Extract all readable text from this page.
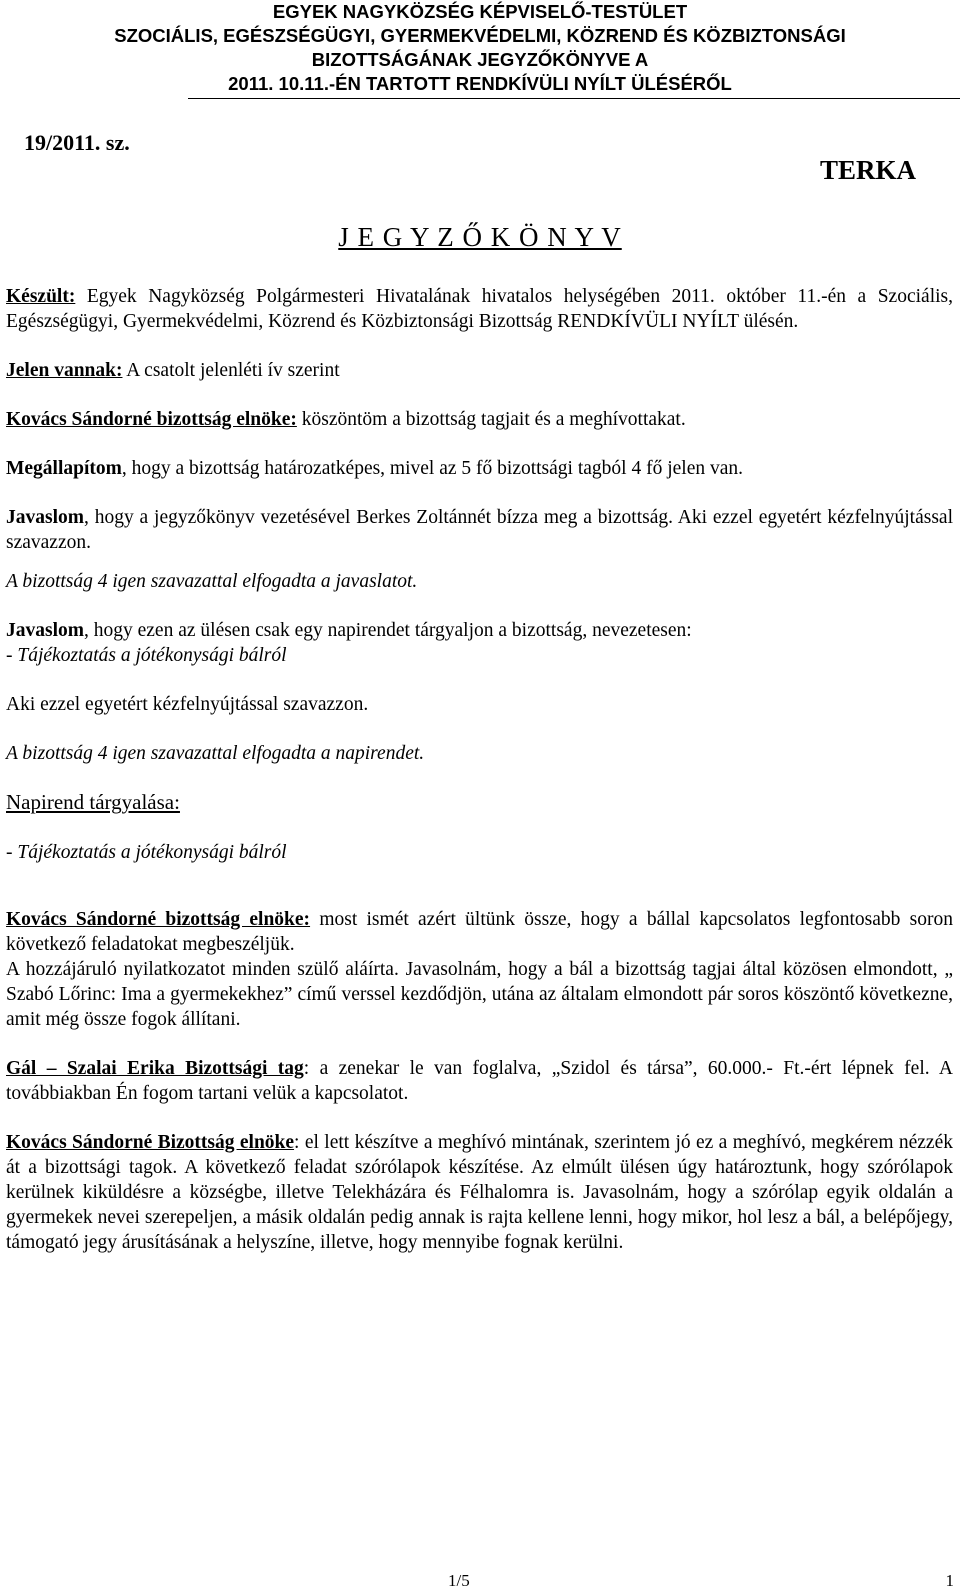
EGYEK NAGYKÖZSÉG KÉPVISELŐ-TESTÜLET
SZOCIÁLIS, EGÉSZSÉGÜGYI, GYERMEKVÉDELMI, KÖZREND ÉS KÖZBIZTONSÁGI
BIZOTTSÁGÁNAK JEGYZŐKÖNYVE A
2011. 10.11.-ÉN TARTOTT RENDKÍVÜLI NYÍLT ÜLÉSÉRŐL
19/2011. sz.
TERKA
J E G Y Z Ő K Ö N Y V

Készült: Egyek Nagyközség Polgármesteri Hivatalának hivatalos helységében 2011. október 11.-én a Szociális, Egészségügyi, Gyermekvédelmi, Közrend és Közbiztonsági Bizottság RENDKÍVÜLI NYÍLT ülésén.

Jelen vannak: A csatolt jelenléti ív szerint

Kovács Sándorné bizottság elnöke: köszöntöm a bizottság tagjait és a meghívottakat.

Megállapítom, hogy a bizottság határozatképes, mivel az 5 fő bizottsági tagból 4 fő jelen van.

Javaslom, hogy a jegyzőkönyv vezetésével Berkes Zoltánnét bízza meg a bizottság. Aki ezzel egyetért kézfelnyújtással szavazzon.

A bizottság 4 igen szavazattal elfogadta a javaslatot.

Javaslom, hogy ezen az ülésen csak egy napirendet tárgyaljon a bizottság, nevezetesen:

- Tájékoztatás a jótékonysági bálról

Aki ezzel egyetért kézfelnyújtással szavazzon.

A bizottság 4 igen szavazattal elfogadta a napirendet.

Napirend tárgyalása:

- Tájékoztatás a jótékonysági bálról

Kovács Sándorné bizottság elnöke: most ismét azért ültünk össze, hogy a bállal kapcsolatos legfontosabb soron következő feladatokat megbeszéljük.

A hozzájáruló nyilatkozatot minden szülő aláírta. Javasolnám, hogy a bál a bizottság tagjai által közösen elmondott, „ Szabó Lőrinc: Ima a gyermekekhez” című verssel kezdődjön, utána az általam elmondott pár soros köszöntő következne, amit még össze fogok állítani.

Gál – Szalai Erika Bizottsági tag: a zenekar le van foglalva, „Szidol és társa”, 60.000.- Ft.-ért lépnek fel. A továbbiakban Én fogom tartani velük a kapcsolatot.

Kovács Sándorné Bizottság elnöke: el lett készítve a meghívó mintának, szerintem jó ez a meghívó, megkérem nézzék át a bizottsági tagok. A következő feladat szórólapok készítése. Az elmúlt ülésen úgy határoztunk, hogy szórólapok kerülnek kiküldésre a községbe, illetve Telekházára és Félhalomra is. Javasolnám, hogy a szórólap egyik oldalán a gyermekek nevei szerepeljen, a másik oldalán pedig annak is rajta kellene lenni, hogy mikor, hol lesz a bál, a belépőjegy, támogató jegy árusításának a helyszíne, illetve, hogy mennyibe fognak kerülni.

1/5	1
